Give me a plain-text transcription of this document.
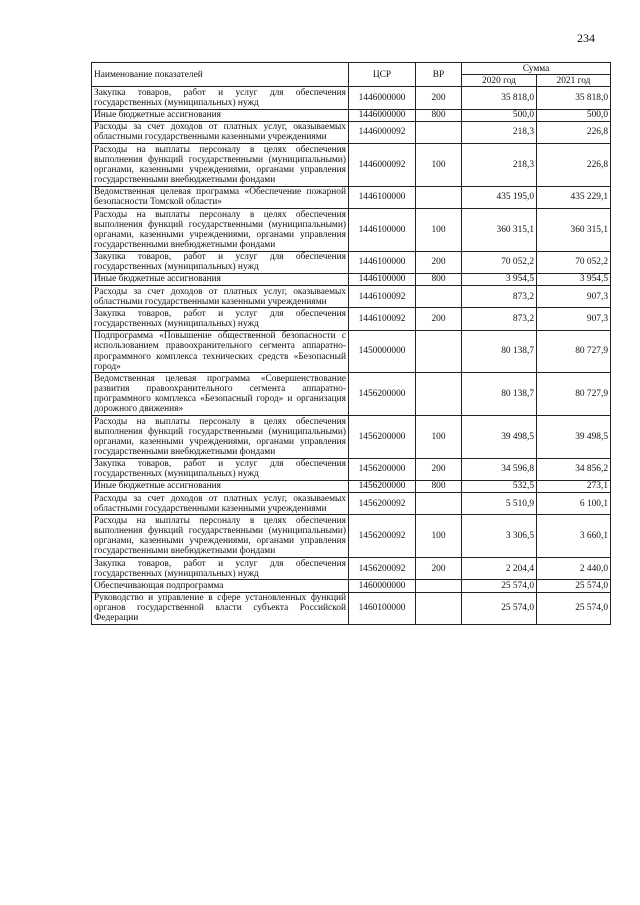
234
Наименование показателей	ЦСР	ВР	Сумма	
			2020 год	2021 год
Закупка товаров, работ и услуг для обеспечения государственных (муниципальных) нужд	1446000000	200	35 818,0	35 818,0
Иные бюджетные ассигнования	1446000000	800	500,0	500,0
Расходы за счет доходов от платных услуг, оказываемых областными государственными казенными учреждениями	1446000092		218,3	226,8
Расходы на выплаты персоналу в целях обеспечения выполнения функций государственными (муниципальными) органами, казенными учреждениями, органами управления государственными внебюджетными фондами	1446000092	100	218,3	226,8
Ведомственная целевая программа «Обеспечение пожарной безопасности Томской области»	1446100000		435 195,0	435 229,1
Расходы на выплаты персоналу в целях обеспечения выполнения функций государственными (муниципальными) органами, казенными учреждениями, органами управления государственными внебюджетными фондами	1446100000	100	360 315,1	360 315,1
Закупка товаров, работ и услуг для обеспечения государственных (муниципальных) нужд	1446100000	200	70 052,2	70 052,2
Иные бюджетные ассигнования	1446100000	800	3 954,5	3 954,5
Расходы за счет доходов от платных услуг, оказываемых областными государственными казенными учреждениями	1446100092		873,2	907,3
Закупка товаров, работ и услуг для обеспечения государственных (муниципальных) нужд	1446100092	200	873,2	907,3
Подпрограмма «Повышение общественной безопасности с использованием правоохранительного сегмента аппаратно-программного комплекса технических средств «Безопасный город»	1450000000		80 138,7	80 727,9
Ведомственная целевая программа «Совершенствование развития правоохранительного сегмента аппаратно-программного комплекса «Безопасный город» и организация дорожного движения»	1456200000		80 138,7	80 727,9
Расходы на выплаты персоналу в целях обеспечения выполнения функций государственными (муниципальными) органами, казенными учреждениями, органами управления государственными внебюджетными фондами	1456200000	100	39 498,5	39 498,5
Закупка товаров, работ и услуг для обеспечения государственных (муниципальных) нужд	1456200000	200	34 596,8	34 856,2
Иные бюджетные ассигнования	1456200000	800	532,5	273,1
Расходы за счет доходов от платных услуг, оказываемых областными государственными казенными учреждениями	1456200092		5 510,9	6 100,1
Расходы на выплаты персоналу в целях обеспечения выполнения функций государственными (муниципальными) органами, казенными учреждениями, органами управления государственными внебюджетными фондами	1456200092	100	3 306,5	3 660,1
Закупка товаров, работ и услуг для обеспечения государственных (муниципальных) нужд	1456200092	200	2 204,4	2 440,0
Обеспечивающая подпрограмма	1460000000		25 574,0	25 574,0
Руководство и управление в сфере установленных функций органов государственной власти субъекта Российской Федерации	1460100000		25 574,0	25 574,0
